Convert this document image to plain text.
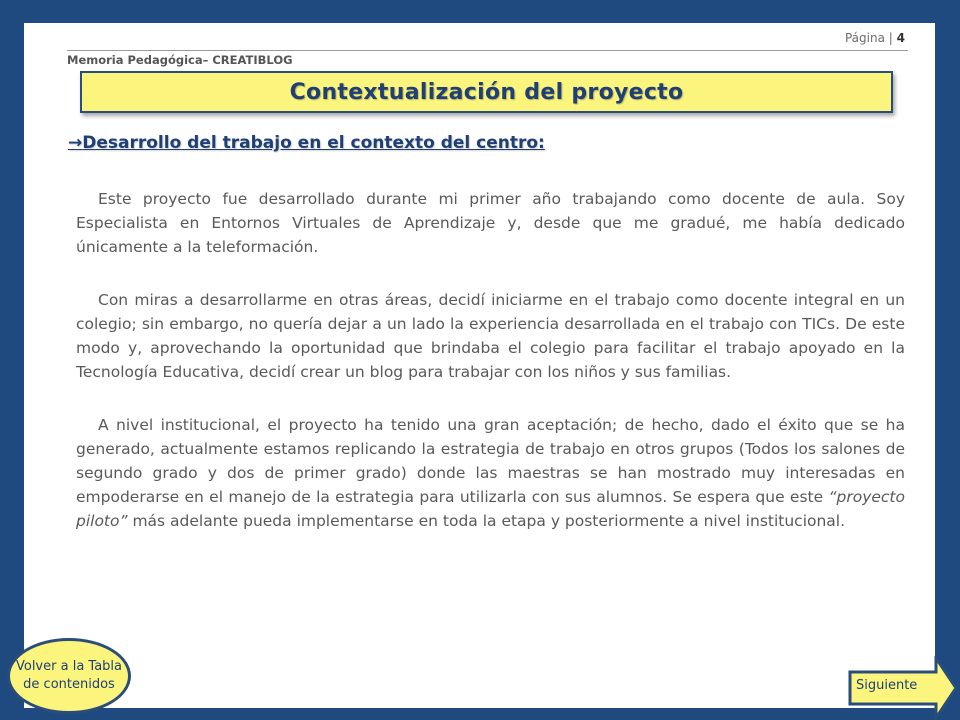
Página | 4
Memoria Pedagógica– CREATIBLOG
Contextualización del proyecto
→Desarrollo del trabajo en el contexto del centro:

Este proyecto fue desarrollado durante mi primer año trabajando como docente de aula. Soy Especialista en Entornos Virtuales de Aprendizaje y, desde que me gradué, me había dedicado únicamente a la teleformación.

Con miras a desarrollarme en otras áreas, decidí iniciarme en el trabajo como docente integral en un colegio; sin embargo, no quería dejar a un lado la experiencia desarrollada en el trabajo con TICs. De este modo y, aprovechando la oportunidad que brindaba el colegio para facilitar el trabajo apoyado en la Tecnología Educativa, decidí crear un blog para trabajar con los niños y sus familias.

A nivel institucional, el proyecto ha tenido una gran aceptación; de hecho, dado el éxito que se ha generado, actualmente estamos replicando la estrategia de trabajo en otros grupos (Todos los salones de segundo grado y dos de primer grado) donde las maestras se han mostrado muy interesadas en empoderarse en el manejo de la estrategia para utilizarla con sus alumnos. Se espera que este “proyecto piloto” más adelante pueda implementarse en toda la etapa y posteriormente a nivel institucional.

Volver a la Tabla de contenidos	Siguiente
